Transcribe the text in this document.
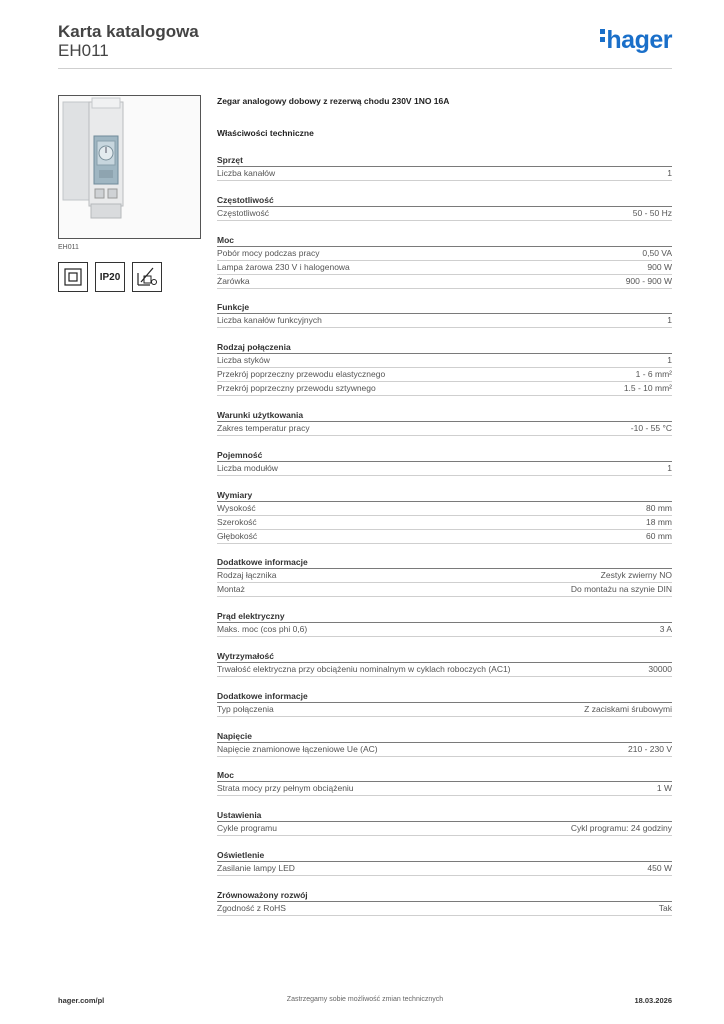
Karta katalogowa
EH011	hager
EH011
IP20
Zegar analogowy dobowy z rezerwą chodu 230V 1NO 16A
Właściwości techniczne
Sprzęt
Liczba kanałów	1
Częstotliwość
Częstotliwość	50 - 50 Hz
Moc
Pobór mocy podczas pracy	0,50 VA
Lampa żarowa 230 V i halogenowa	900 W
Żarówka	900 - 900 W
Funkcje
Liczba kanałów funkcyjnych	1
Rodzaj połączenia
Liczba styków	1
Przekrój poprzeczny przewodu elastycznego	1 - 6 mm²
Przekrój poprzeczny przewodu sztywnego	1.5 - 10 mm²
Warunki użytkowania
Zakres temperatur pracy	-10 - 55 °C
Pojemność
Liczba modułów	1
Wymiary
Wysokość	80 mm
Szerokość	18 mm
Głębokość	60 mm
Dodatkowe informacje
Rodzaj łącznika	Zestyk zwierny NO
Montaż	Do montażu na szynie DIN
Prąd elektryczny
Maks. moc (cos phi 0,6)	3 A
Wytrzymałość
Trwałość elektryczna przy obciążeniu nominalnym w cyklach roboczych (AC1)	30000
Dodatkowe informacje
Typ połączenia	Z zaciskami śrubowymi
Napięcie
Napięcie znamionowe łączeniowe Ue (AC)	210 - 230 V
Moc
Strata mocy przy pełnym obciążeniu	1 W
Ustawienia
Cykle programu	Cykl programu: 24 godziny
Oświetlenie
Zasilanie lampy LED	450 W
Zrównoważony rozwój
Zgodność z RoHS	Tak
hager.com/pl	Zastrzegamy sobie możliwość zmian technicznych	18.03.2026
